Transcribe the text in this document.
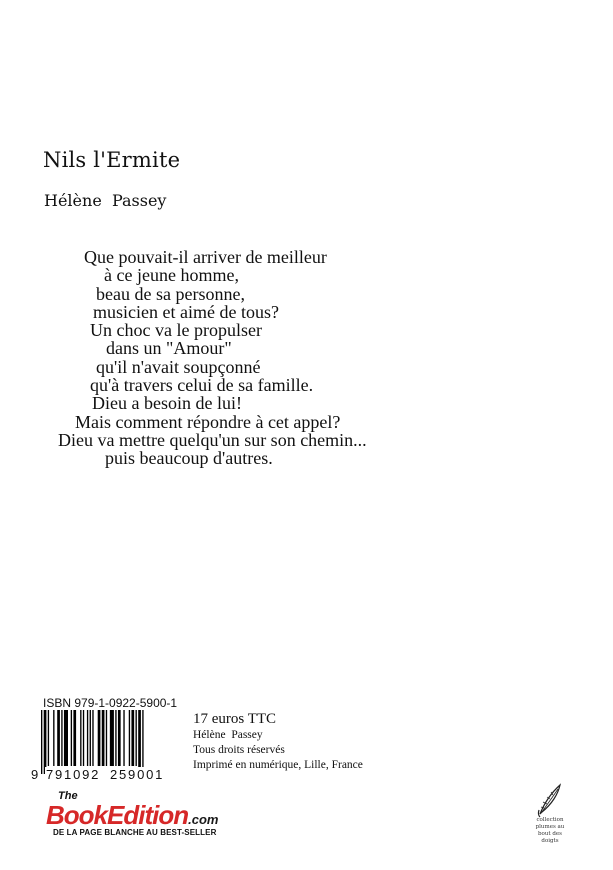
Nils l'Ermite
Hélène  Passey
Que pouvait-il arriver de meilleur
à ce jeune homme,
beau de sa personne,
musicien et aimé de tous?
Un choc va le propulser
dans un "Amour"
qu'il n'avait soupçonné
qu'à travers celui de sa famille.
Dieu a besoin de lui!
Mais comment répondre à cet appel?
Dieu va mettre quelqu'un sur son chemin...
puis beaucoup d'autres.
ISBN 979-1-0922-5900-1
9 791092 259001
17 euros TTC
Hélène  Passey
Tous droits réservés
Imprimé en numérique, Lille, France
collection
plumes au
bout des
doigts
The
BookEdition.com
DE LA PAGE BLANCHE AU BEST-SELLER
